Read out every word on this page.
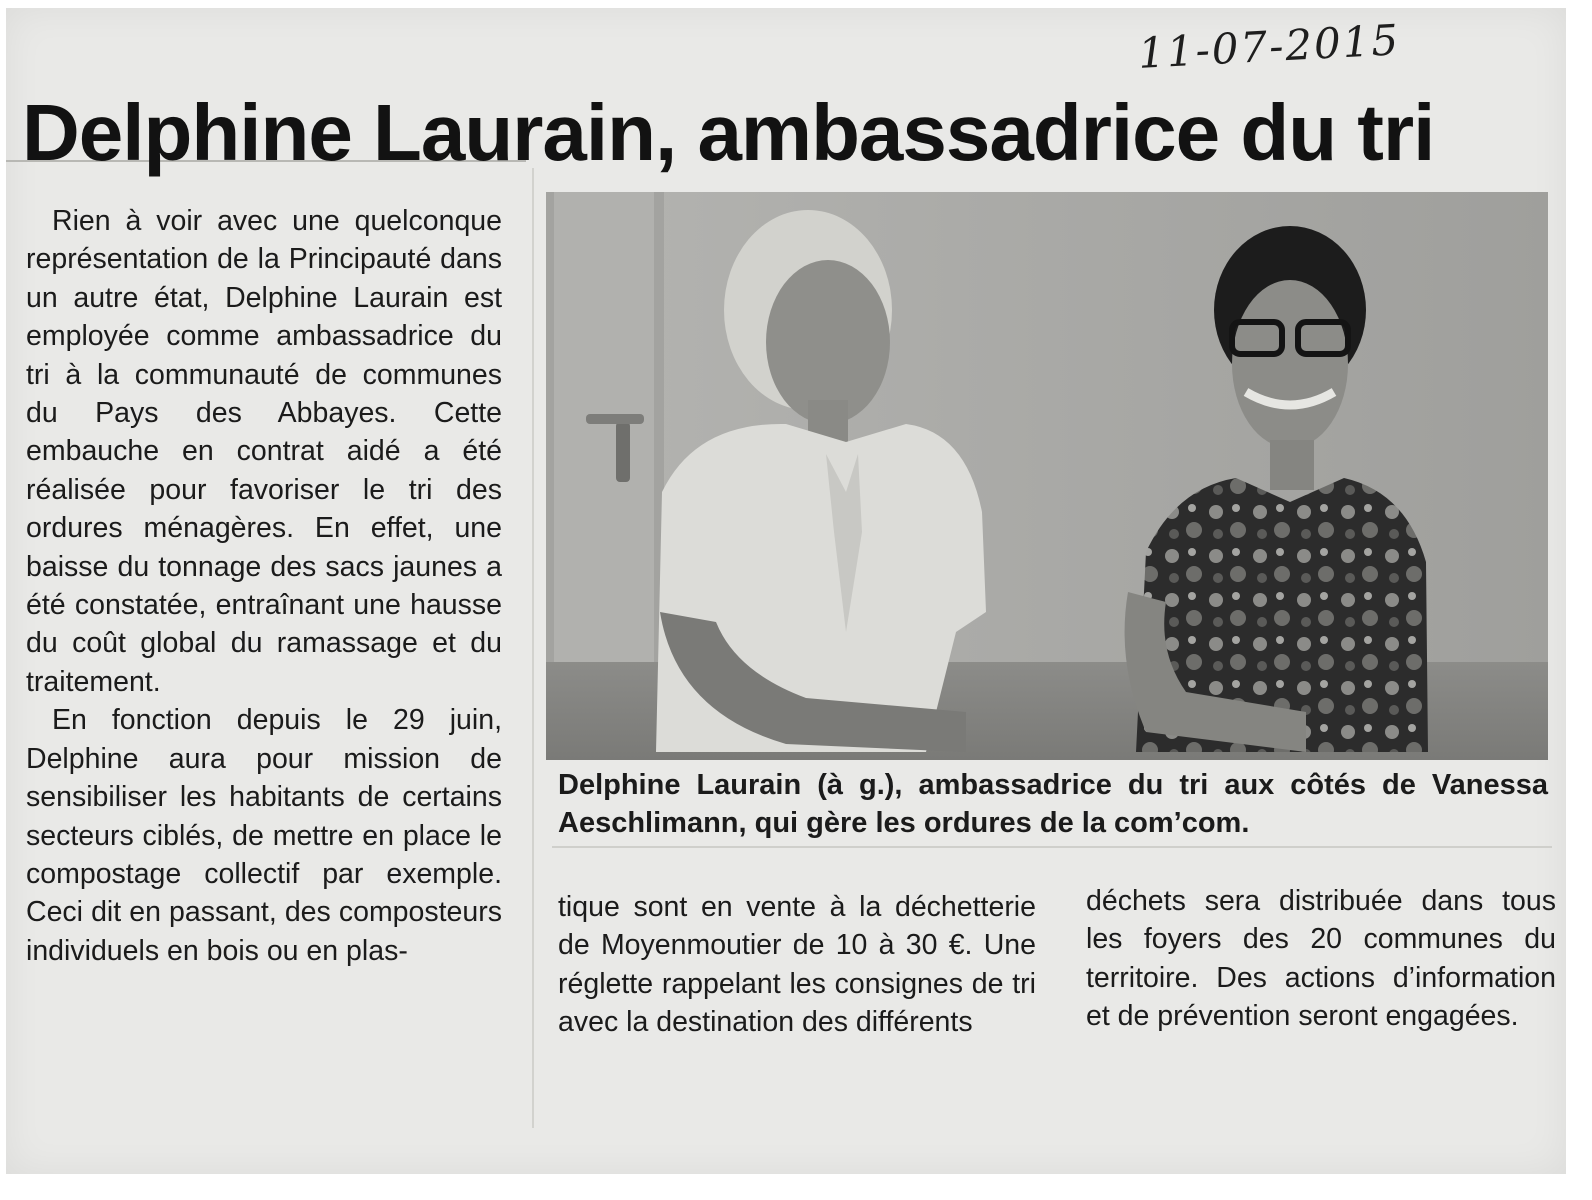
11-07-2015
Delphine Laurain, ambassadrice du tri

Rien à voir avec une quelconque représentation de la Principauté dans un autre état, Delphine Laurain est employée comme ambassadrice du tri à la communauté de communes du Pays des Abbayes. Cette embauche en contrat aidé a été réalisée pour favoriser le tri des ordures ménagères. En effet, une baisse du tonnage des sacs jaunes a été constatée, entraînant une hausse du coût global du ramassage et du traitement.

En fonction depuis le 29 juin, Delphine aura pour mission de sensibiliser les habitants de certains secteurs ciblés, de mettre en place le compostage collectif par exemple. Ceci dit en passant, des composteurs individuels en bois ou en plas-

Delphine Laurain (à g.), ambassadrice du tri aux côtés de Vanessa Aeschlimann, qui gère les ordures de la com’com.

tique sont en vente à la déchetterie de Moyenmoutier de 10 à 30 €. Une réglette rappelant les consignes de tri avec la destination des différents

déchets sera distribuée dans tous les foyers des 20 communes du territoire. Des actions d’information et de prévention seront engagées.
